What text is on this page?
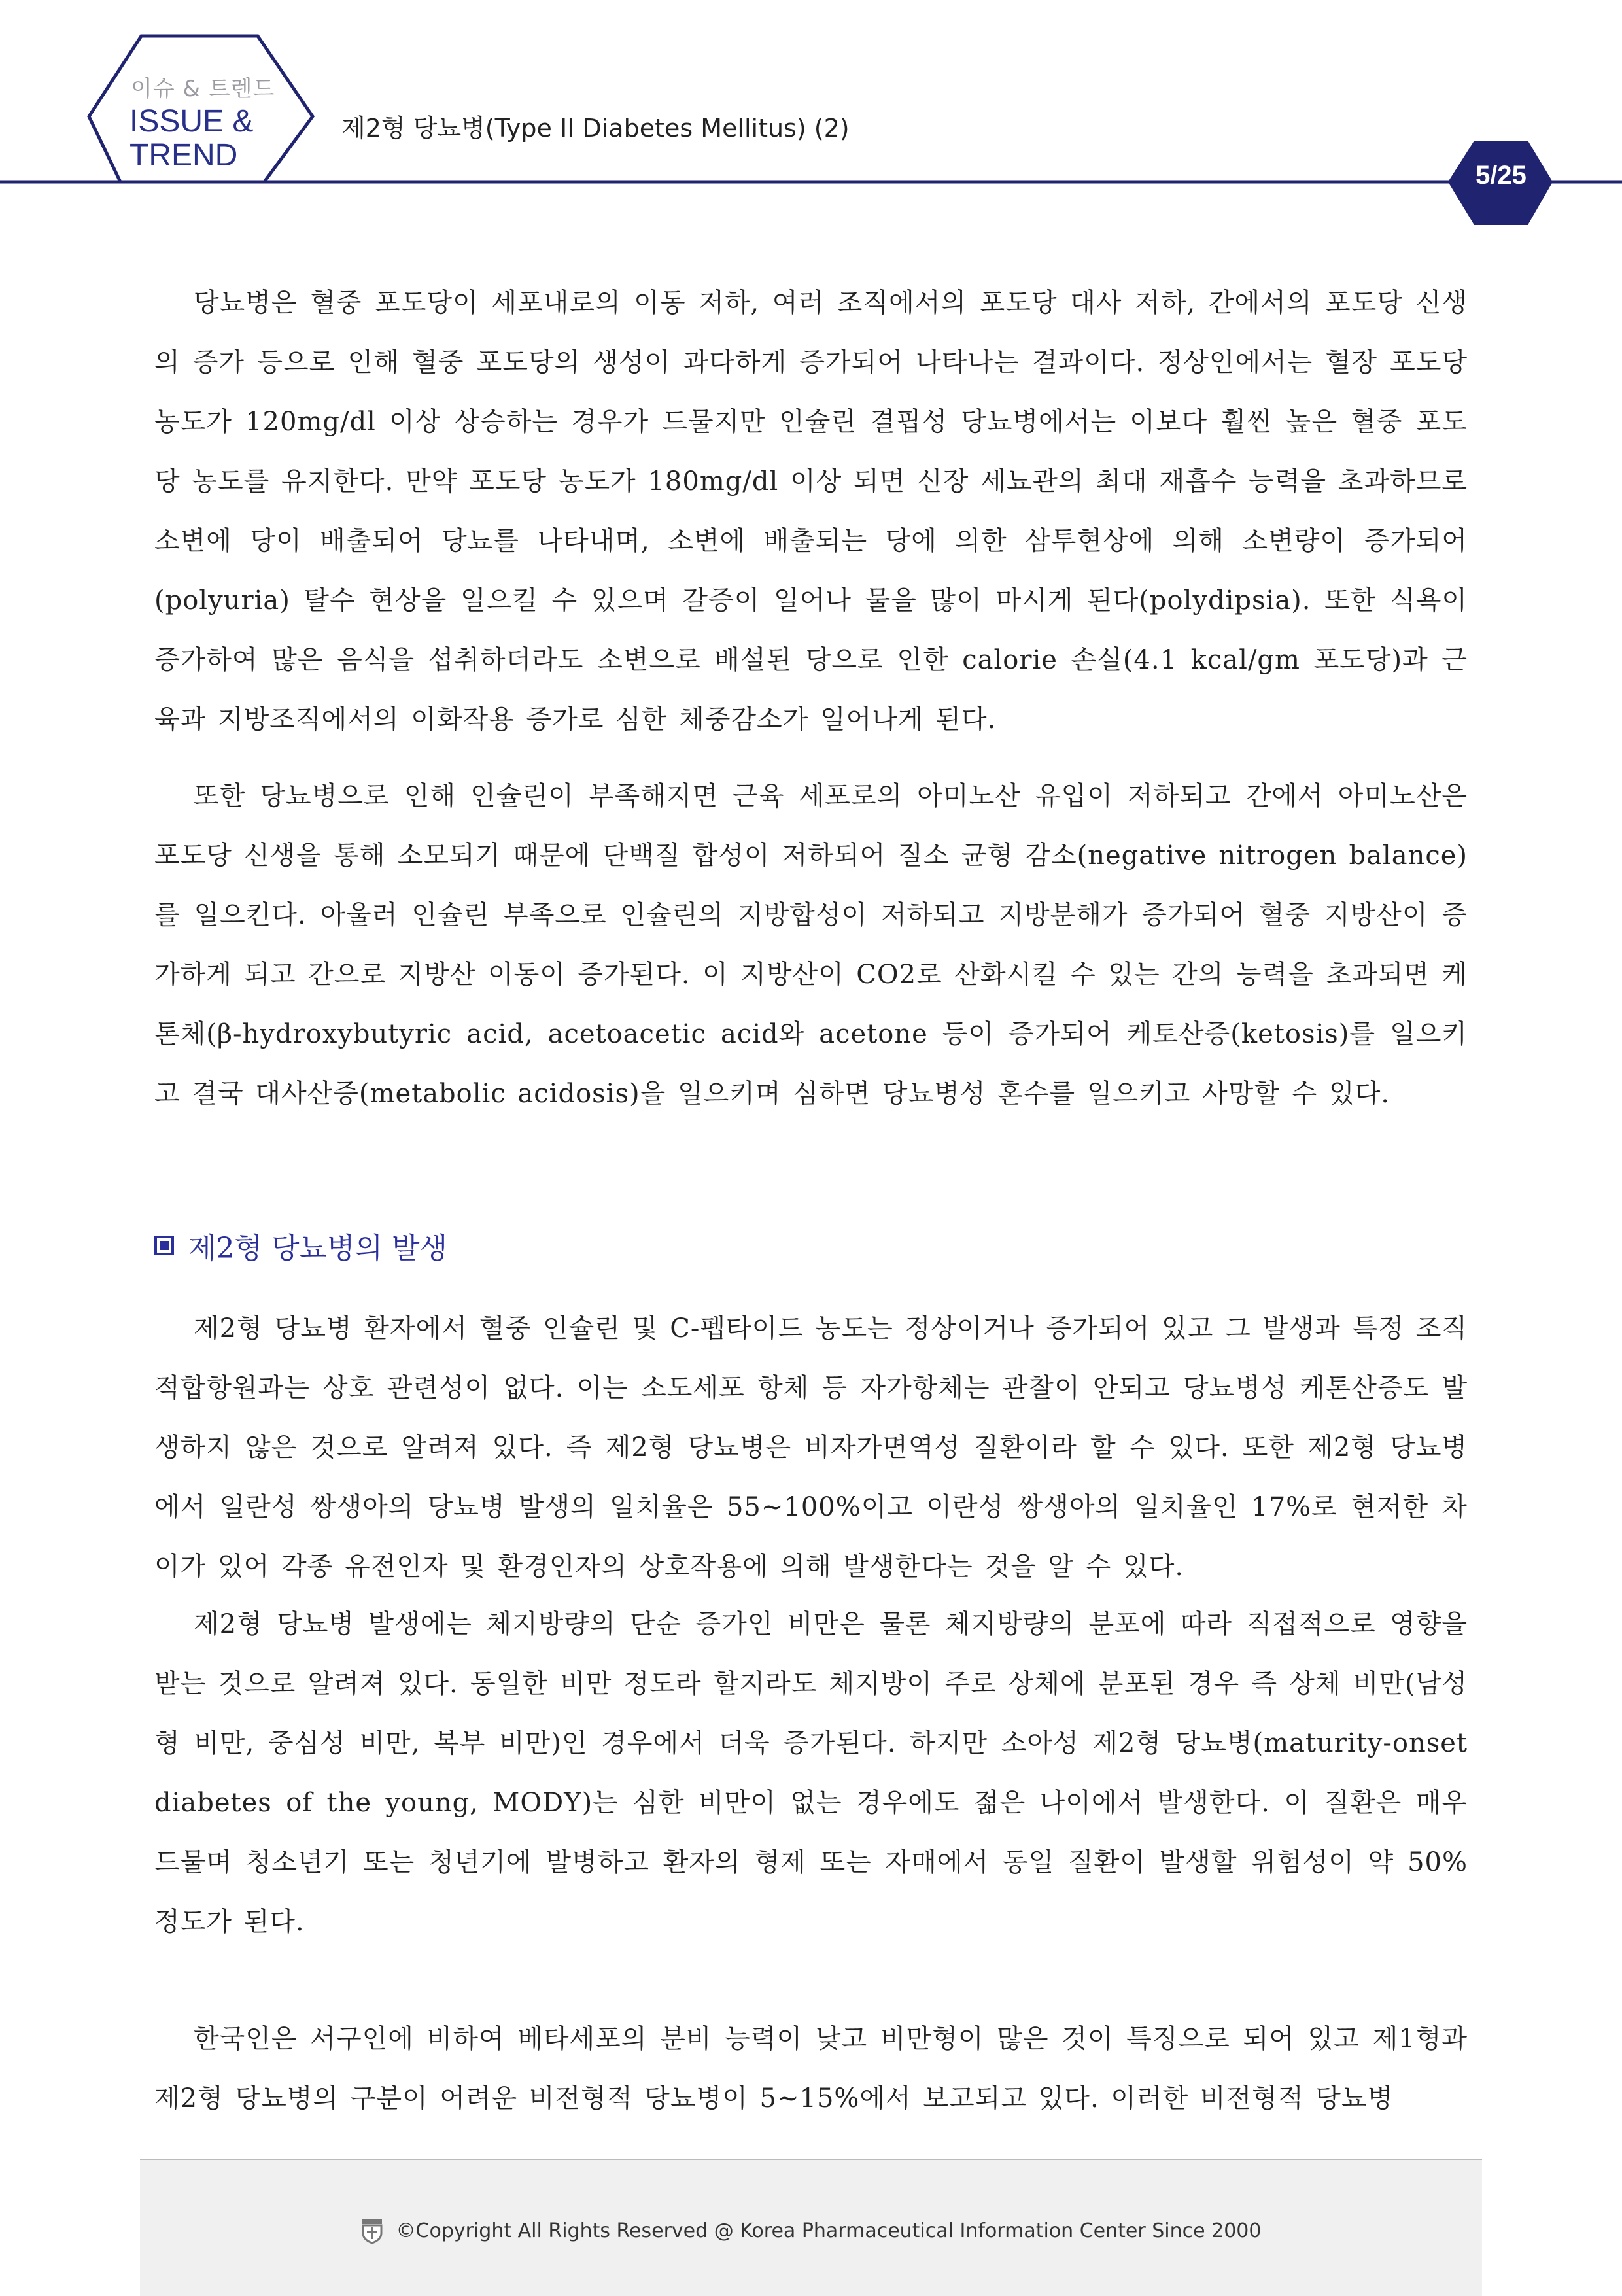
이슈 & 트렌드
ISSUE &
TREND
제2형 당뇨병(Type II Diabetes Mellitus) (2)
5/25

당뇨병은 혈중 포도당이 세포내로의 이동 저하, 여러 조직에서의 포도당 대사 저하, 간에서의 포도당 신생의 증가 등으로 인해 혈중 포도당의 생성이 과다하게 증가되어 나타나는 결과이다. 정상인에서는 혈장 포도당 농도가 120mg/dl 이상 상승하는 경우가 드물지만 인슐린 결핍성 당뇨병에서는 이보다 훨씬 높은 혈중 포도당 농도를 유지한다. 만약 포도당 농도가 180mg/dl 이상 되면 신장 세뇨관의 최대 재흡수 능력을 초과하므로 소변에 당이 배출되어 당뇨를 나타내며, 소변에 배출되는 당에 의한 삼투현상에 의해 소변량이 증가되어(polyuria) 탈수 현상을 일으킬 수 있으며 갈증이 일어나 물을 많이 마시게 된다(polydipsia). 또한 식욕이 증가하여 많은 음식을 섭취하더라도 소변으로 배설된 당으로 인한 calorie 손실(4.1 kcal/gm 포도당)과 근육과 지방조직에서의 이화작용 증가로 심한 체중감소가 일어나게 된다.

또한 당뇨병으로 인해 인슐린이 부족해지면 근육 세포로의 아미노산 유입이 저하되고 간에서 아미노산은 포도당 신생을 통해 소모되기 때문에 단백질 합성이 저하되어 질소 균형 감소(negative nitrogen balance)를 일으킨다. 아울러 인슐린 부족으로 인슐린의 지방합성이 저하되고 지방분해가 증가되어 혈중 지방산이 증가하게 되고 간으로 지방산 이동이 증가된다. 이 지방산이 CO2로 산화시킬 수 있는 간의 능력을 초과되면 케톤체(β-hydroxybutyric acid, acetoacetic acid와 acetone 등이 증가되어 케토산증(ketosis)를 일으키고 결국 대사산증(metabolic acidosis)을 일으키며 심하면 당뇨병성 혼수를 일으키고 사망할 수 있다.

제2형 당뇨병의 발생

제2형 당뇨병 환자에서 혈중 인슐린 및 C-펩타이드 농도는 정상이거나 증가되어 있고 그 발생과 특정 조직적합항원과는 상호 관련성이 없다. 이는 소도세포 항체 등 자가항체는 관찰이 안되고 당뇨병성 케톤산증도 발생하지 않은 것으로 알려져 있다. 즉 제2형 당뇨병은 비자가면역성 질환이라 할 수 있다. 또한 제2형 당뇨병에서 일란성 쌍생아의 당뇨병 발생의 일치율은 55~100%이고 이란성 쌍생아의 일치율인 17%로 현저한 차이가 있어 각종 유전인자 및 환경인자의 상호작용에 의해 발생한다는 것을 알 수 있다.

제2형 당뇨병 발생에는 체지방량의 단순 증가인 비만은 물론 체지방량의 분포에 따라 직접적으로 영향을 받는 것으로 알려져 있다. 동일한 비만 정도라 할지라도 체지방이 주로 상체에 분포된 경우 즉 상체 비만(남성형 비만, 중심성 비만, 복부 비만)인 경우에서 더욱 증가된다. 하지만 소아성 제2형 당뇨병(maturity-onset diabetes of the young, MODY)는 심한 비만이 없는 경우에도 젊은 나이에서 발생한다. 이 질환은 매우 드물며 청소년기 또는 청년기에 발병하고 환자의 형제 또는 자매에서 동일 질환이 발생할 위험성이 약 50% 정도가 된다.

한국인은 서구인에 비하여 베타세포의 분비 능력이 낮고 비만형이 많은 것이 특징으로 되어 있고 제1형과 제2형 당뇨병의 구분이 어려운 비전형적 당뇨병이 5~15%에서 보고되고 있다. 이러한 비전형적 당뇨병

©Copyright All Rights Reserved @ Korea Pharmaceutical Information Center Since 2000
